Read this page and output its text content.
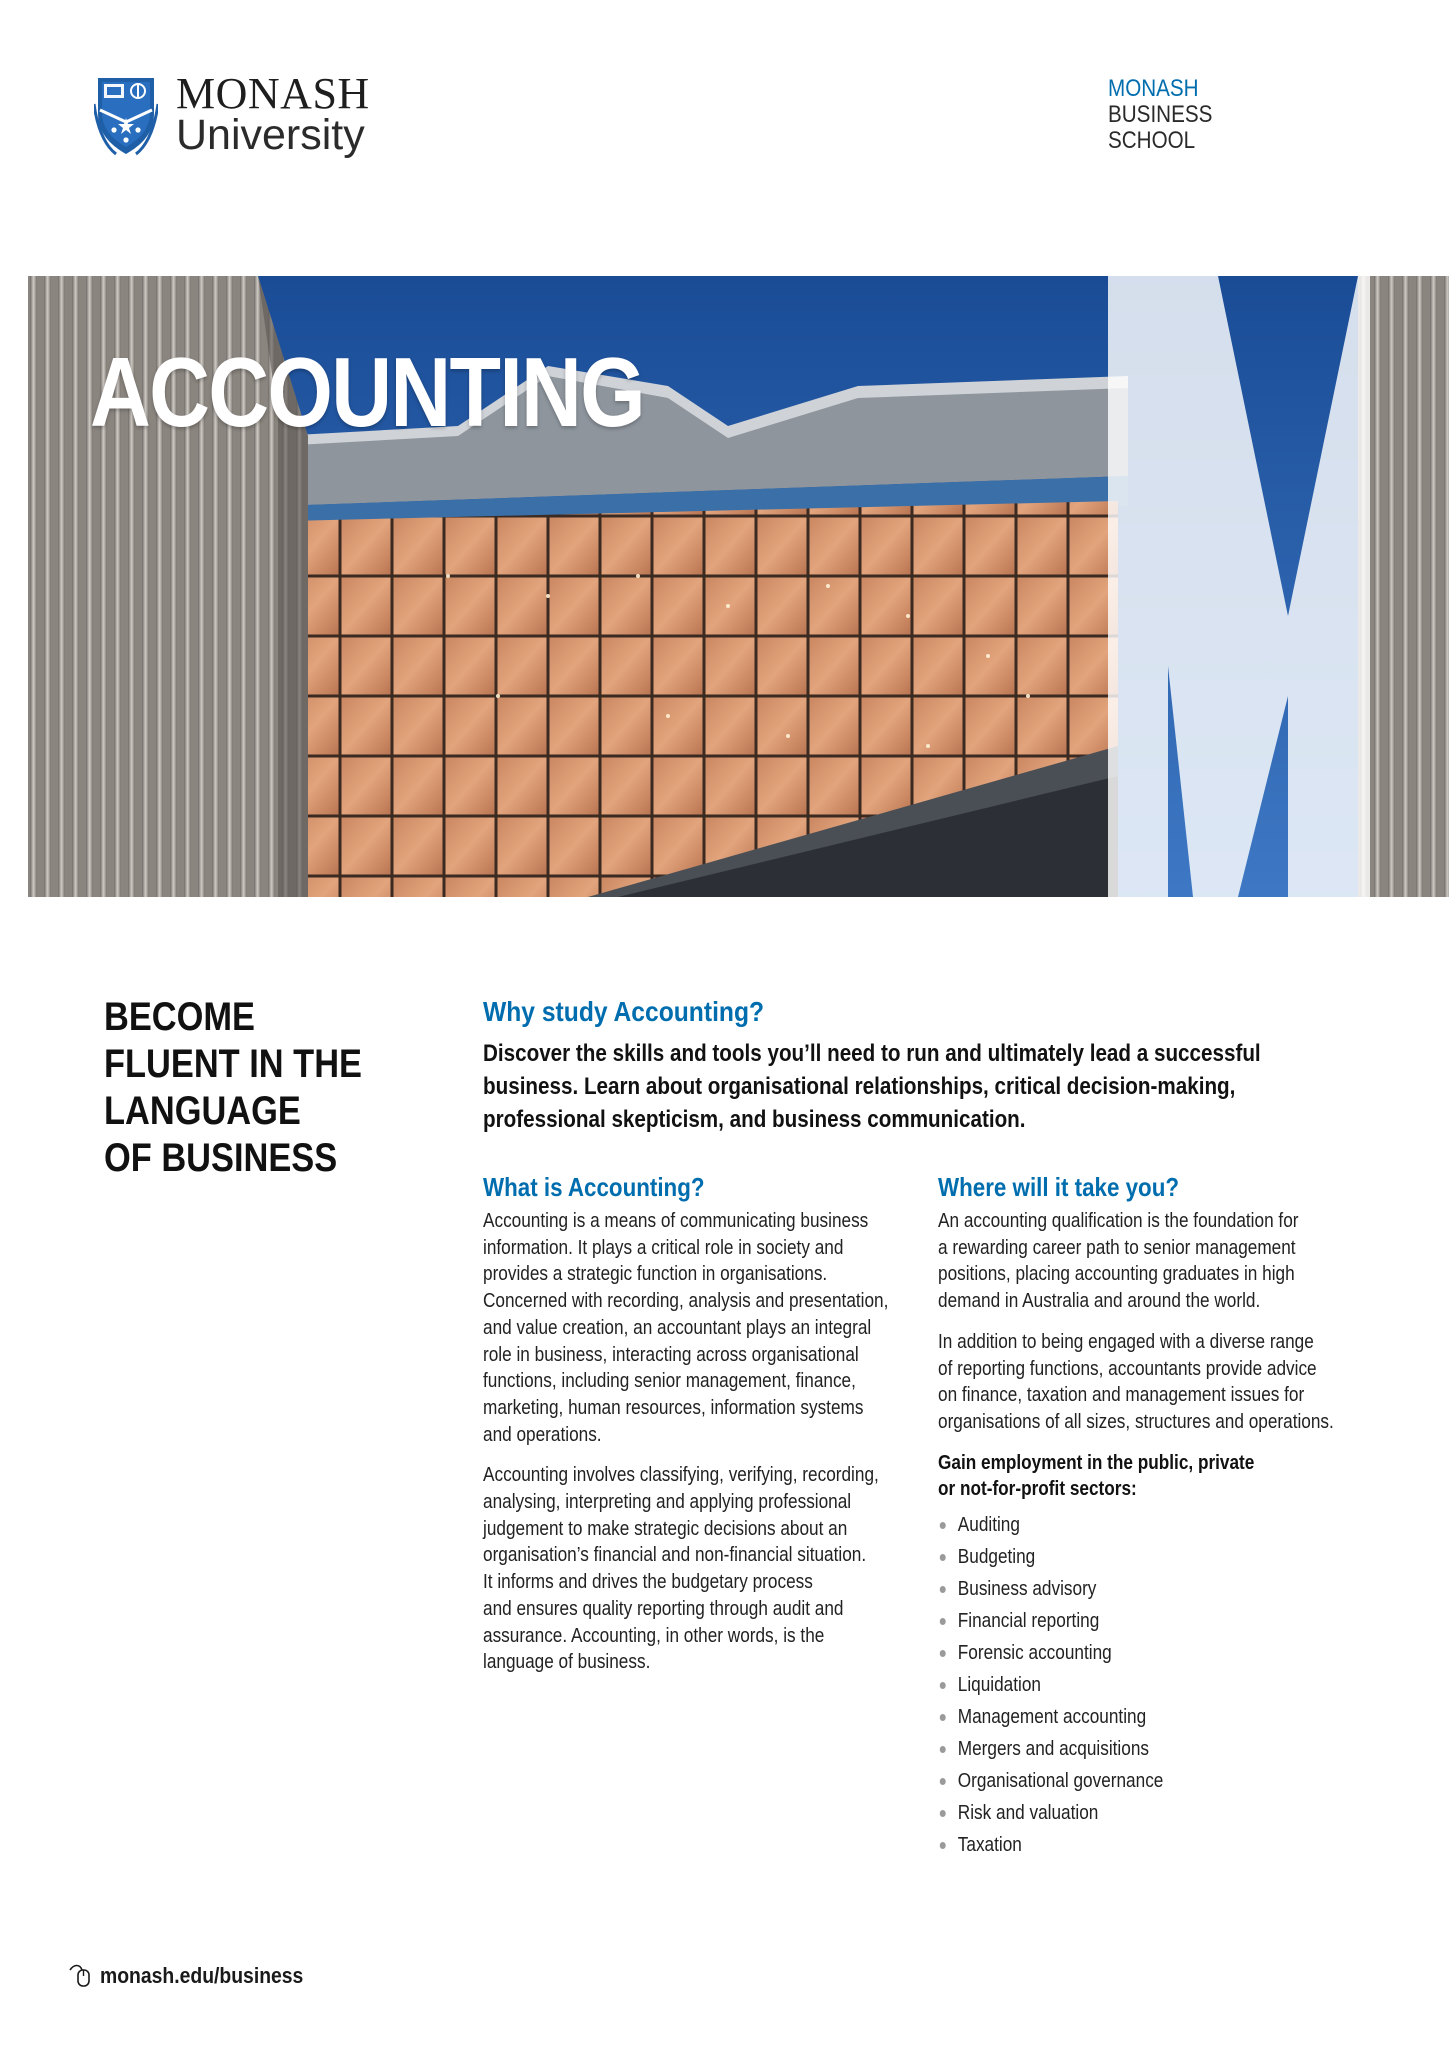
MONASH
University
MONASH
BUSINESS
SCHOOL
ACCOUNTING
BECOME
FLUENT IN THE
LANGUAGE
OF BUSINESS
Why study Accounting?
Discover the skills and tools you’ll need to run and ultimately lead a successful
business. Learn about organisational relationships, critical decision-making,
professional skepticism, and business communication.
What is Accounting?
Accounting is a means of communicating business
information. It plays a critical role in society and
provides a strategic function in organisations.
Concerned with recording, analysis and presentation,
and value creation, an accountant plays an integral
role in business, interacting across organisational
functions, including senior management, finance,
marketing, human resources, information systems
and operations.
Accounting involves classifying, verifying, recording,
analysing, interpreting and applying professional
judgement to make strategic decisions about an
organisation’s financial and non-financial situation.
It informs and drives the budgetary process
and ensures quality reporting through audit and
assurance. Accounting, in other words, is the
language of business.
Where will it take you?
An accounting qualification is the foundation for
a rewarding career path to senior management
positions, placing accounting graduates in high
demand in Australia and around the world.
In addition to being engaged with a diverse range
of reporting functions, accountants provide advice
on finance, taxation and management issues for
organisations of all sizes, structures and operations.
Gain employment in the public, private
or not-for-profit sectors:
Auditing
Budgeting
Business advisory
Financial reporting
Forensic accounting
Liquidation
Management accounting
Mergers and acquisitions
Organisational governance
Risk and valuation
Taxation
monash.edu/business
